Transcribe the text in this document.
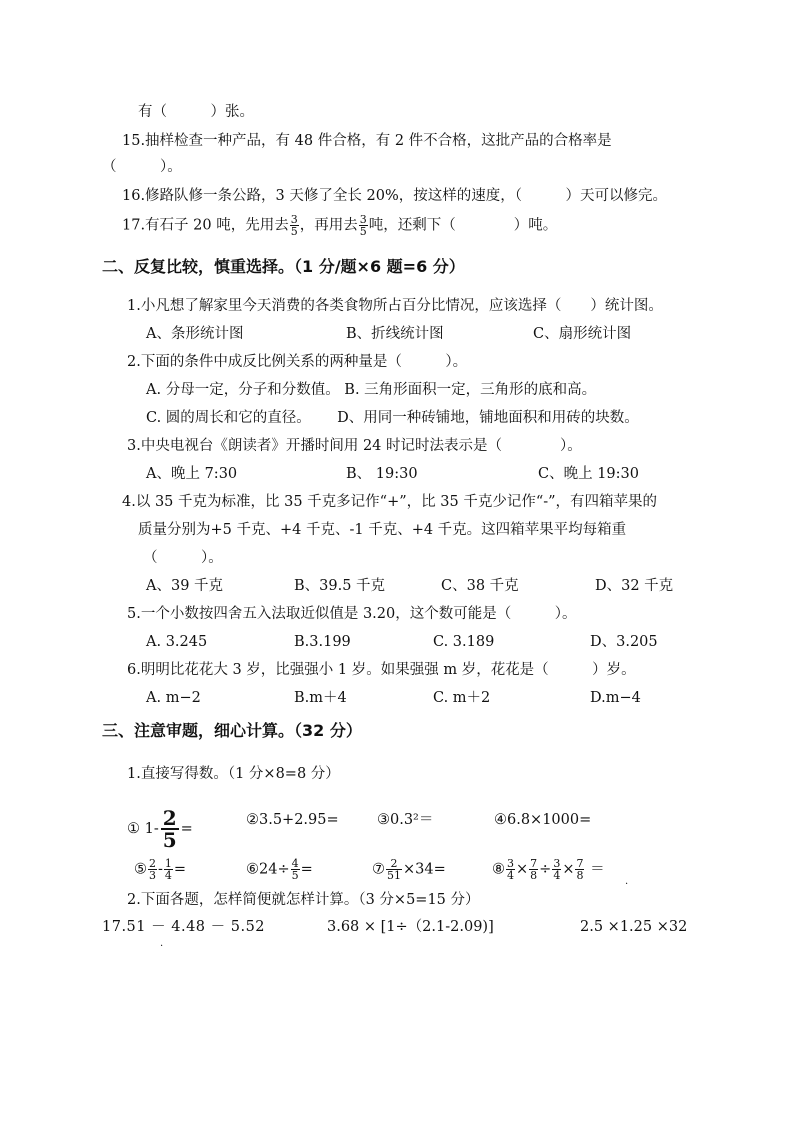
有（　　　）张。
15.抽样检查一种产品，有 48 件合格，有 2 件不合格，这批产品的合格率是
（　　　）。
16.修路队修一条公路，3 天修了全长 20%，按这样的速度，（　　　）天可以修完。
17.有石子 20 吨，先用去 $\frac{3}{5}$ ，再用去 $\frac{3}{5}$ 吨，还剩下（　　　　）吨。
二、反复比较，慎重选择。（1 分/题×6 题=6 分）
1.小凡想了解家里今天消费的各类食物所占百分比情况，应该选择（　　）统计图。
A、条形统计图	B、折线统计图	C、扇形统计图
2.下面的条件中成反比例关系的两种量是（　　　）。
A. 分母一定，分子和分数值。 B. 三角形面积一定，三角形的底和高。
C. 圆的周长和它的直径。　　 D、用同一种砖铺地，铺地面积和用砖的块数。
3.中央电视台《朗读者》开播时间用 24 时记时法表示是（　　　　）。
A、晚上 7:30	B、 19:30	C、晚上 19:30
4.以 35 千克为标准，比 35 千克多记作“+”，比 35 千克少记作“-”，有四箱苹果的
质量分别为+5 千克、+4 千克、-1 千克、+4 千克。这四箱苹果平均每箱重
（　　　）。
A、39 千克	B、39.5 千克	C、38 千克	D、32 千克
5.一个小数按四舍五入法取近似值是 3.20，这个数可能是（　　　）。
A. 3.245	B.3.199	C. 3.189	D、3.205
6.明明比花花大 3 岁，比强强小 1 岁。如果强强 m 岁，花花是（　　　）岁。
A. m−2	B.m＋4	C. m＋2	D.m−4
三、注意审题，细心计算。（32 分）
1.直接写得数。（1 分×8=8 分）
① $1- \frac{2}{5}$ =
②3.5+2.95=	③0.3²＝	④6.8×1000=
⑤ $\frac{2}{3} - \frac{1}{4}$ =	⑥24÷ $\frac{4}{5}$ =	⑦ $\frac{2}{51} \times 34=$	⑧ $\frac{3}{4} \times \frac{7}{8} \div \frac{3}{4} \times \frac{7}{8}$ ＝
.
2.下面各题，怎样简便就怎样计算。（3 分×5=15 分）
17.51 － 4.48 － 5.52	3.68 × [1÷（2.1-2.09)]	2.5 ×1.25 ×32
.
